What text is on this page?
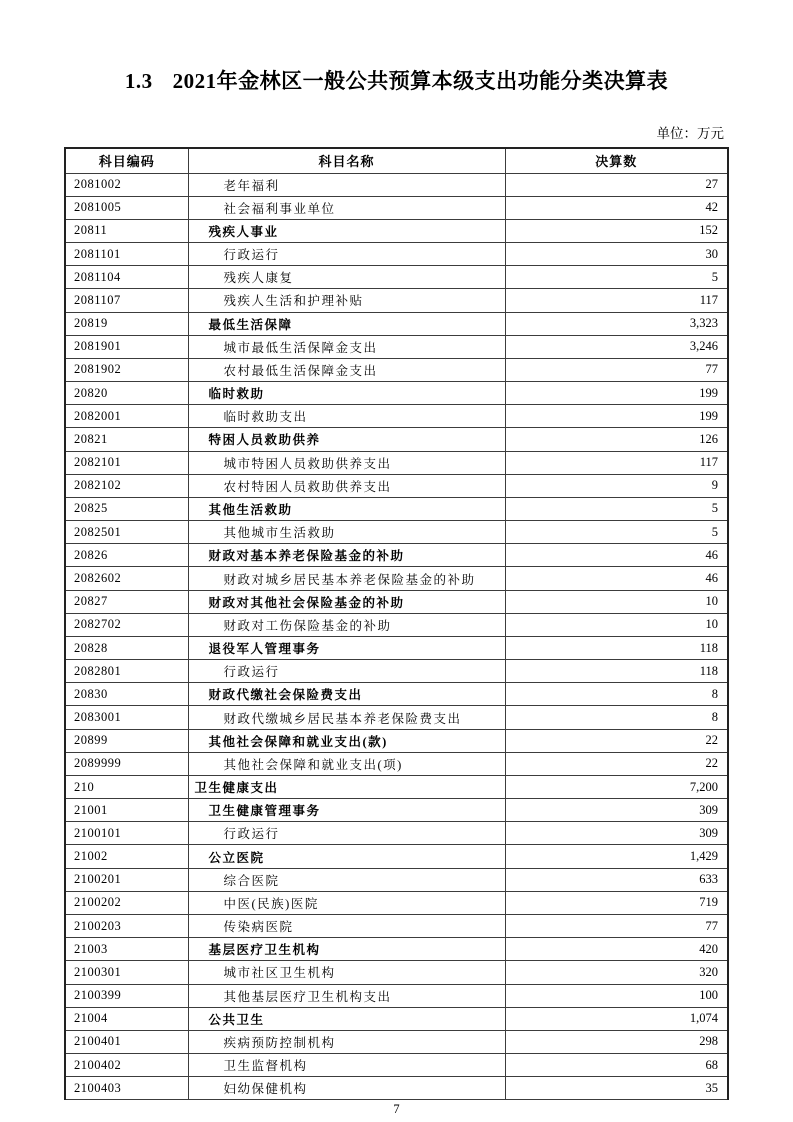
1.3 2021年金林区一般公共预算本级支出功能分类决算表
单位：万元
科目编码	科目名称	决算数
2081002	老年福利	27
2081005	社会福利事业单位	42
20811	残疾人事业	152
2081101	行政运行	30
2081104	残疾人康复	5
2081107	残疾人生活和护理补贴	117
20819	最低生活保障	3,323
2081901	城市最低生活保障金支出	3,246
2081902	农村最低生活保障金支出	77
20820	临时救助	199
2082001	临时救助支出	199
20821	特困人员救助供养	126
2082101	城市特困人员救助供养支出	117
2082102	农村特困人员救助供养支出	9
20825	其他生活救助	5
2082501	其他城市生活救助	5
20826	财政对基本养老保险基金的补助	46
2082602	财政对城乡居民基本养老保险基金的补助	46
20827	财政对其他社会保险基金的补助	10
2082702	财政对工伤保险基金的补助	10
20828	退役军人管理事务	118
2082801	行政运行	118
20830	财政代缴社会保险费支出	8
2083001	财政代缴城乡居民基本养老保险费支出	8
20899	其他社会保障和就业支出(款)	22
2089999	其他社会保障和就业支出(项)	22
210	卫生健康支出	7,200
21001	卫生健康管理事务	309
2100101	行政运行	309
21002	公立医院	1,429
2100201	综合医院	633
2100202	中医(民族)医院	719
2100203	传染病医院	77
21003	基层医疗卫生机构	420
2100301	城市社区卫生机构	320
2100399	其他基层医疗卫生机构支出	100
21004	公共卫生	1,074
2100401	疾病预防控制机构	298
2100402	卫生监督机构	68
2100403	妇幼保健机构	35
7
